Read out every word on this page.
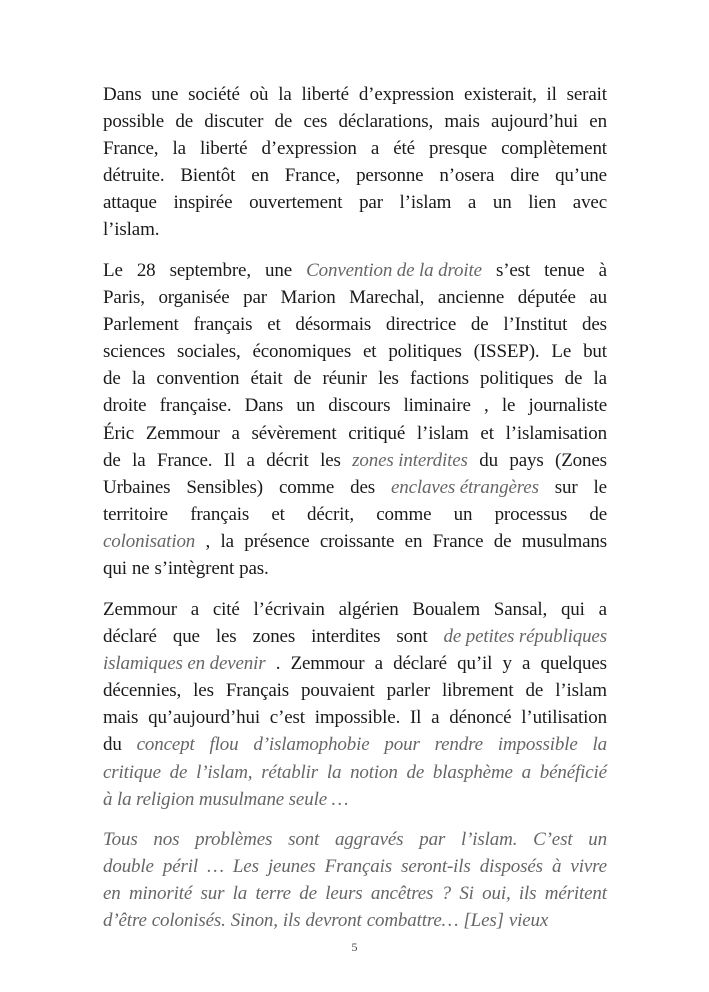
Dans une société où la liberté d’expression existerait, il serait
possible de discuter de ces déclarations, mais aujourd’hui en
France, la liberté d’expression a été presque complètement
détruite. Bientôt en France, personne n’osera dire qu’une
attaque inspirée ouvertement par l’islam a un lien avec
l’islam.
Le 28 septembre, une Convention de la droite s’est tenue à
Paris, organisée par Marion Marechal, ancienne députée au
Parlement français et désormais directrice de l’Institut des
sciences sociales, économiques et politiques (ISSEP). Le but
de la convention était de réunir les factions politiques de la
droite française. Dans un discours liminaire , le journaliste
Éric Zemmour a sévèrement critiqué l’islam et l’islamisation
de la France. Il a décrit les zones interdites du pays (Zones
Urbaines Sensibles) comme des enclaves étrangères sur le
territoire français et décrit, comme un processus de
colonisation , la présence croissante en France de musulmans
qui ne s’intègrent pas.
Zemmour a cité l’écrivain algérien Boualem Sansal, qui a
déclaré que les zones interdites sont de petites républiques
islamiques en devenir . Zemmour a déclaré qu’il y a quelques
décennies, les Français pouvaient parler librement de l’islam
mais qu’aujourd’hui c’est impossible. Il a dénoncé l’utilisation
du concept flou d’islamophobie pour rendre impossible la
critique de l’islam, rétablir la notion de blasphème a bénéficié
à la religion musulmane seule …
Tous nos problèmes sont aggravés par l’islam. C’est un
double péril … Les jeunes Français seront-ils disposés à vivre
en minorité sur la terre de leurs ancêtres ? Si oui, ils méritent
d’être colonisés. Sinon, ils devront combattre… [Les] vieux
5
